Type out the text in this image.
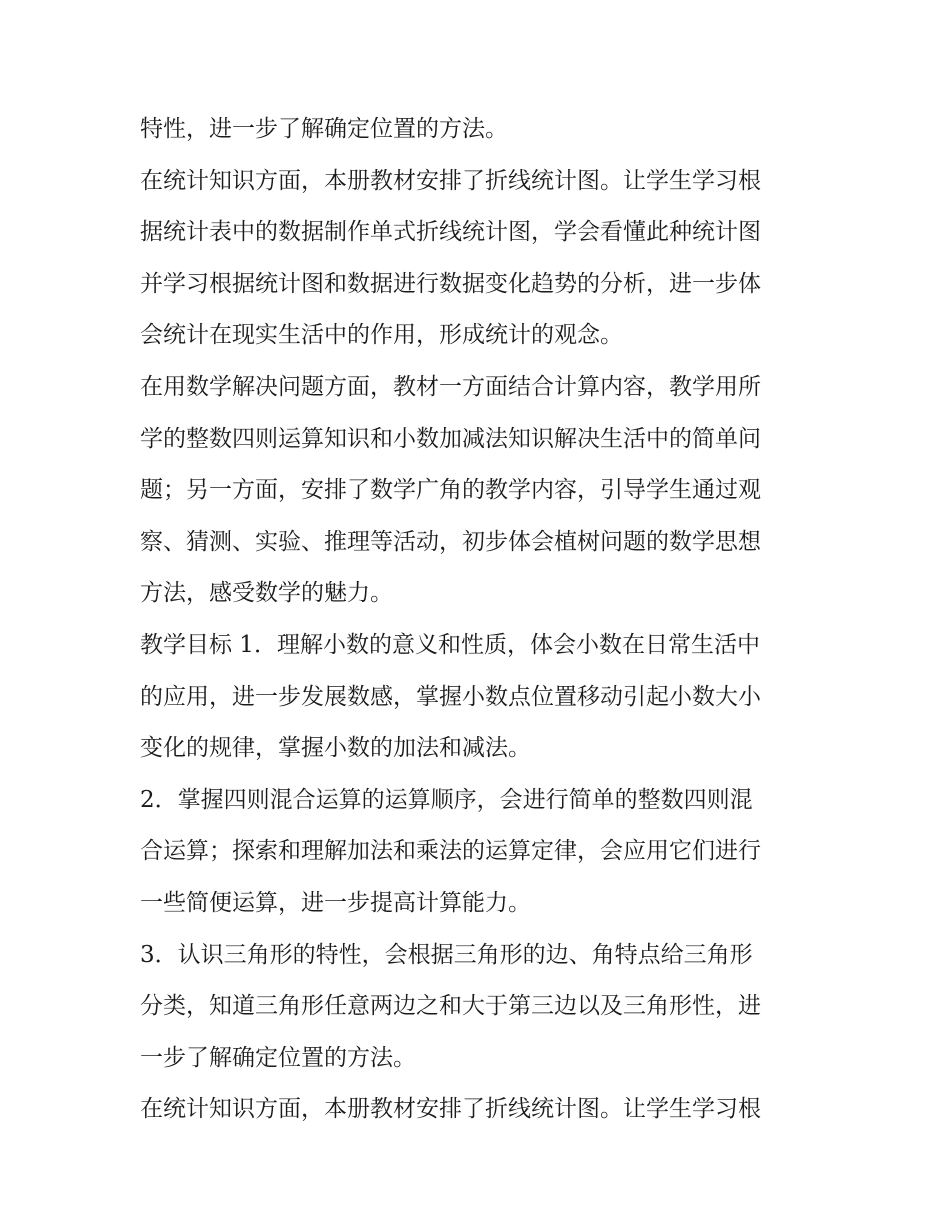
特性，进一步了解确定位置的方法。
在统计知识方面，本册教材安排了折线统计图。让学生学习根
据统计表中的数据制作单式折线统计图，学会看懂此种统计图
并学习根据统计图和数据进行数据变化趋势的分析，进一步体
会统计在现实生活中的作用，形成统计的观念。
在用数学解决问题方面，教材一方面结合计算内容，教学用所
学的整数四则运算知识和小数加减法知识解决生活中的简单问
题；另一方面，安排了数学广角的教学内容，引导学生通过观
察、猜测、实验、推理等活动，初步体会植树问题的数学思想
方法，感受数学的魅力。
教学目标 1．理解小数的意义和性质，体会小数在日常生活中
的应用，进一步发展数感，掌握小数点位置移动引起小数大小
变化的规律，掌握小数的加法和减法。
2．掌握四则混合运算的运算顺序，会进行简单的整数四则混
合运算；探索和理解加法和乘法的运算定律，会应用它们进行
一些简便运算，进一步提高计算能力。
3．认识三角形的特性，会根据三角形的边、角特点给三角形
分类，知道三角形任意两边之和大于第三边以及三角形性，进
一步了解确定位置的方法。
在统计知识方面，本册教材安排了折线统计图。让学生学习根
